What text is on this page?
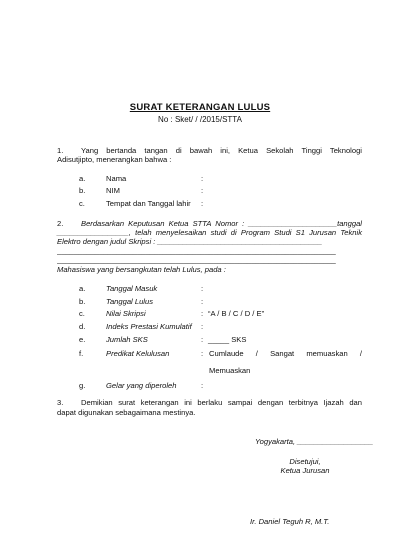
SURAT KETERANGAN LULUS
No : Sket/ / /2015/STTA
1. Yang bertanda tangan di bawah ini, Ketua Sekolah Tinggi Teknologi
Adisutjipto, menerangkan bahwa :
a.	Nama	:
b.	NIM	:
c.	Tempat dan Tanggal lahir :
2. Berdasarkan Keputusan Ketua STTA Nomor : _____________________tanggal
_________________, telah menyelesaikan studi di Program Studi S1 Jurusan Teknik
Elektro dengan judul Skripsi : _______________________________________
__________________________________________________________________
__________________________________________________________________
Mahasiswa yang bersangkutan telah Lulus, pada :
a.	Tanggal Masuk	:
b.	Tanggal Lulus	:
c.	Nilai Skripsi	: “A / B / C / D / E”
d.	Indeks Prestasi Kumulatif :
e.	Jumlah SKS	: _____ SKS
f.	Predikat Kelulusan	: Cumlaude / Sangat memuaskan /
Memuaskan
g.	Gelar yang diperoleh	:
3. Demikian surat keterangan ini berlaku sampai dengan terbitnya Ijazah dan
dapat digunakan sebagaimana mestinya.
Yogyakarta, __________________
Disetujui,
Ketua Jurusan
Ir. Daniel Teguh R, M.T.
